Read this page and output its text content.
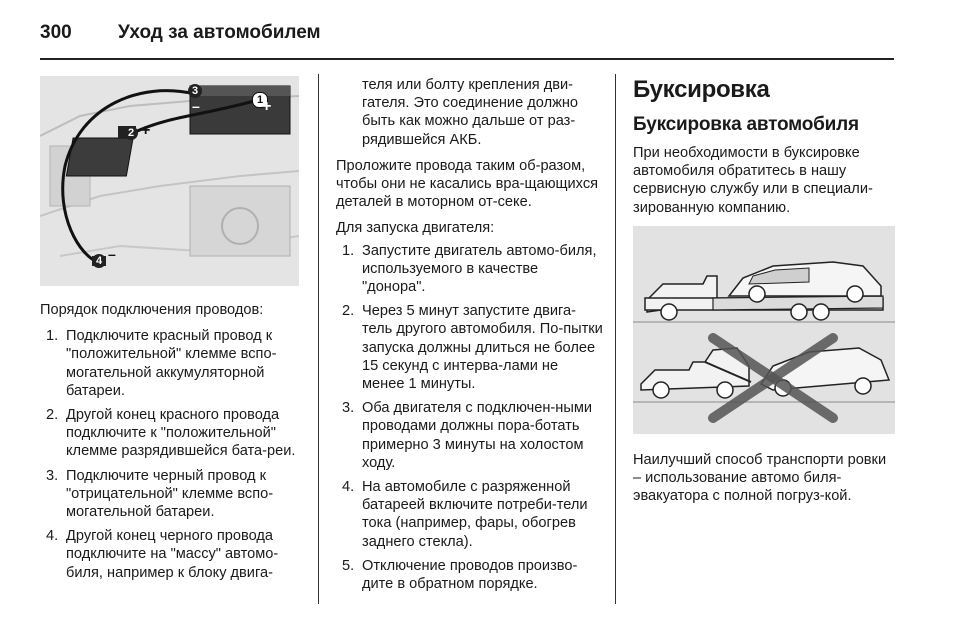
300 Уход за автомобилем
3
–	1
+
2 +
4 –

Порядок подключения проводов:

1. Подключите красный провод к "положительной" клемме вспо-могательной аккумуляторной батареи.
2. Другой конец красного провода подключите к "положительной" клемме разрядившейся бата-реи.
3. Подключите черный провод к "отрицательной" клемме вспо-могательной батареи.
4. Другой конец черного провода подключите на "массу" автомо-биля, например к блоку двига-

теля или болту крепления дви-гателя. Это соединение должно быть как можно дальше от раз-рядившейся АКБ.

Проложите провода таким об-разом, чтобы они не касались вра-щающихся деталей в моторном от-секе.

Для запуска двигателя:

1. Запустите двигатель автомо-биля, используемого в качестве "донора".
2. Через 5 минут запустите двига-тель другого автомобиля. По-пытки запуска должны длиться не более 15 секунд с интерва-лами не менее 1 минуты.
3. Оба двигателя с подключен-ными проводами должны пора-ботать примерно 3 минуты на холостом ходу.
4. На автомобиле с разряженной батареей включите потреби-тели тока (например, фары, обогрев заднего стекла).
5. Отключение проводов произво-дите в обратном порядке.
Буксировка
Буксировка автомобиля

При необходимости в буксировке автомобиля обратитесь в нашу сервисную службу или в специали-зированную компанию.

Наилучший способ транспорти ровки – использование автомо биля-эвакуатора с полной погруз-кой.
